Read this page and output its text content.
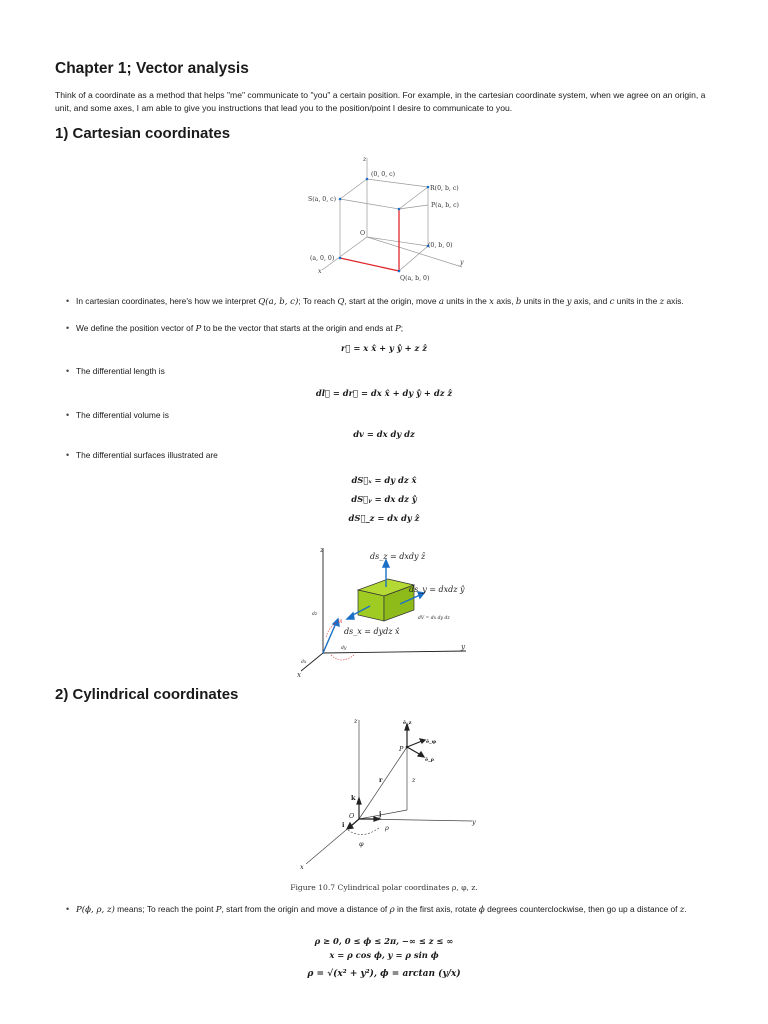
Chapter 1; Vector analysis

Think of a coordinate as a method that helps "me" communicate to "you" a certain position. For example, in the cartesian coordinate system, when we agree on an origin, a unit, and some axes, I am able to give you instructions that lead you to the position/point I desire to communicate to you.

1) Cartesian coordinates
z
y
x
O
(0, 0, c)
R(0, b, c)
S(a, 0, c)
P(a, b, c)
(0, b, 0)
(a, 0, 0)
Q(a, b, 0)
• In cartesian coordinates, here's how we interpret Q(a, b, c); To reach Q, start at the origin, move a units in the x axis, b units in the y axis, and c units in the z axis.
• We define the position vector of P to be the vector that starts at the origin and ends at P;
r⃗ = x x̂ + y ŷ + z ẑ
• The differential length is
dl⃗ = dr⃗ = dx x̂ + dy ŷ + dz ẑ
• The differential volume is
dv = dx dy dz
• The differential surfaces illustrated are
dS⃗ₓ = dy dz x̂
dS⃗ᵧ = dx dz ŷ
dS⃗_z = dx dy ẑ
z
y
x
ds_z = dxdy ẑ
ds_y = dxdz ŷ
ds_x = dydz x̂
dV = dx dy dz
dx
dy
dz
dl
2) Cylindrical coordinates
z
y
x
O
P
r
k
i
j
ρ
φ
z
ê_z
ê_φ
ê_ρ
Figure 10.7 Cylindrical polar coordinates ρ, φ, z.
• P(ϕ, ρ, z) means; To reach the point P, start from the origin and move a distance of ρ in the first axis, rotate ϕ degrees counterclockwise, then go up a distance of z.
ρ ≥ 0, 0 ≤ ϕ ≤ 2π, −∞ ≤ z ≤ ∞
x = ρ cos ϕ, y = ρ sin ϕ
ρ = √(x² + y²), ϕ = arctan (y/x)
